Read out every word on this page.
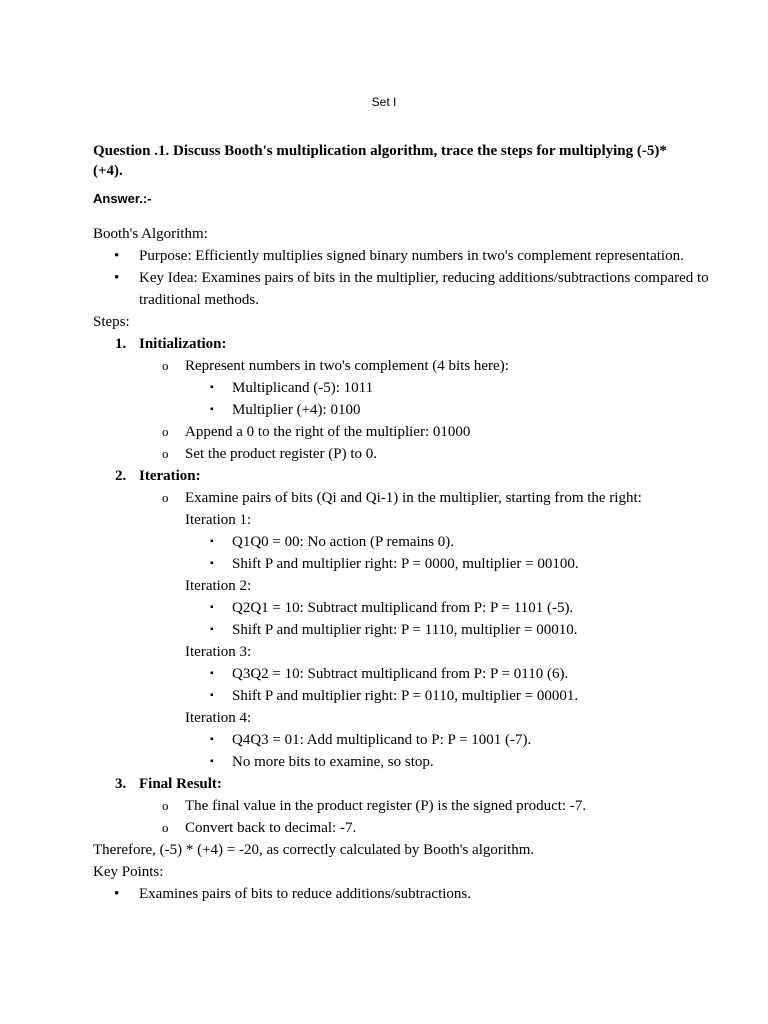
Set I
Question .1. Discuss Booth's multiplication algorithm, trace the steps for multiplying (-5)*(+4).
Answer.:-

Booth's Algorithm:

• Purpose: Efficiently multiplies signed binary numbers in two's complement representation.
• Key Idea: Examines pairs of bits in the multiplier, reducing additions/subtractions compared to traditional methods.

Steps:

1. Initialization:
o Represent numbers in two's complement (4 bits here):
▪ Multiplicand (-5): 1011
▪ Multiplier (+4): 0100
o Append a 0 to the right of the multiplier: 01000
o Set the product register (P) to 0.
2. Iteration:
o Examine pairs of bits (Qi and Qi-1) in the multiplier, starting from the right:
Iteration 1:
▪ Q1Q0 = 00: No action (P remains 0).
▪ Shift P and multiplier right: P = 0000, multiplier = 00100.
Iteration 2:
▪ Q2Q1 = 10: Subtract multiplicand from P: P = 1101 (-5).
▪ Shift P and multiplier right: P = 1110, multiplier = 00010.
Iteration 3:
▪ Q3Q2 = 10: Subtract multiplicand from P: P = 0110 (6).
▪ Shift P and multiplier right: P = 0110, multiplier = 00001.
Iteration 4:
▪ Q4Q3 = 01: Add multiplicand to P: P = 1001 (-7).
▪ No more bits to examine, so stop.
3. Final Result:
o The final value in the product register (P) is the signed product: -7.
o Convert back to decimal: -7.

Therefore, (-5) * (+4) = -20, as correctly calculated by Booth's algorithm.

Key Points:

• Examines pairs of bits to reduce additions/subtractions.
